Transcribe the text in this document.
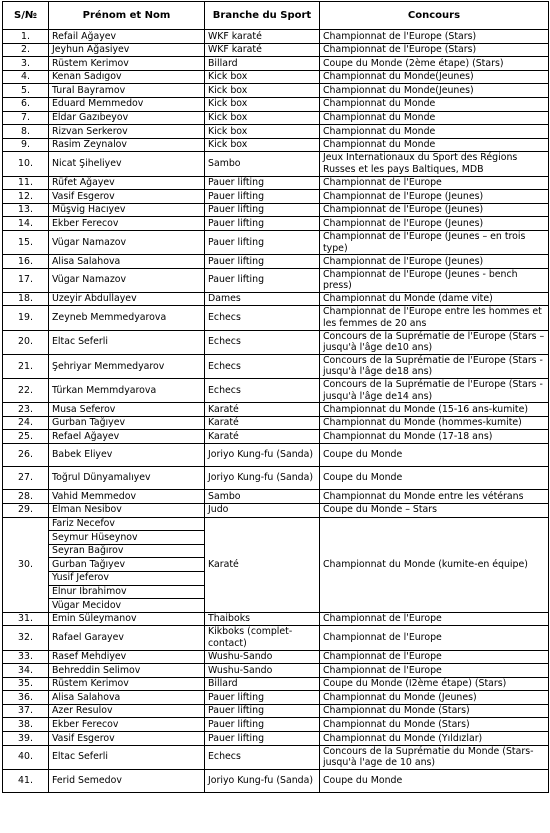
S/№	Prénom et Nom	Branche du Sport	Concours
1.	Refail Ağayev	WKF karaté	Championnat de l'Europe (Stars)
2.	Jeyhun Ağasiyev	WKF karaté	Championnat de l'Europe (Stars)
3.	Rüstem Kerimov	Billard	Coupe du Monde (2ème étape) (Stars)
4.	Kenan Sadıgov	Kick box	Championnat du Monde(Jeunes)
5.	Tural Bayramov	Kick box	Championnat du Monde(Jeunes)
6.	Eduard Memmedov	Kick box	Championnat du Monde
7.	Eldar Gazıbeyov	Kick box	Championnat du Monde
8.	Rizvan Serkerov	Kick box	Championnat du Monde
9.	Rasim Zeynalov	Kick box	Championnat du Monde
10.	Nicat Şiheliyev	Sambo	Jeux Internationaux du Sport des Régions Russes et les pays Baltiques, MDB
11.	Rüfet Ağayev	Pauer lifting	Championnat de l'Europe
12.	Vasif Esgerov	Pauer lifting	Championnat de l'Europe (Jeunes)
13.	Müşvig Hacıyev	Pauer lifting	Championnat de l'Europe (Jeunes)
14.	Ekber Ferecov	Pauer lifting	Championnat de l'Europe (Jeunes)
15.	Vügar Namazov	Pauer lifting	Championnat de l'Europe (Jeunes – en trois type)
16.	Alisa Salahova	Pauer lifting	Championnat de l'Europe (Jeunes)
17.	Vügar Namazov	Pauer lifting	Championnat de l'Europe (Jeunes - bench press)
18.	Üzeyir Abdullayev	Dames	Championnat du Monde (dame vite)
19.	Zeyneb Memmedyarova	Echecs	Championnat de l'Europe entre les hommes et les femmes de 20 ans
20.	Eltac Seferli	Echecs	Concours de la Suprématie de l'Europe (Stars – jusqu'à l'âge de10 ans)
21.	Şehriyar Memmedyarov	Echecs	Concours de la Suprématie de l'Europe (Stars - jusqu'à l'âge de18 ans)
22.	Türkan Memmdyarova	Echecs	Concours de la Suprématie de l'Europe (Stars - jusqu'à l'âge de14 ans)
23.	Musa Seferov	Karaté	Championnat du Monde (15-16 ans-kumite)
24.	Gurban Tağıyev	Karaté	Championnat du Monde (hommes-kumite)
25.	Refael Ağayev	Karaté	Championnat du Monde (17-18 ans)
26.	Babek Eliyev	Joriyo Kung-fu (Sanda)	Coupe du Monde
27.	Toğrul Dünyamalıyev	Joriyo Kung-fu (Sanda)	Coupe du Monde
28.	Vahid Memmedov	Sambo	Championnat du Monde entre les vétérans
29.	Elman Nesibov	Judo	Coupe du Monde – Stars
30.	Fariz Necefov	Karaté	Championnat du Monde (kumite-en équipe)
	Seymur Hüseynov		
	Seyran Bağırov		
	Gurban Tağıyev		
	Yusif Jeferov		
	Elnur İbrahimov		
	Vügar Mecidov		
31.	Emin Süleymanov	Thaiboks	Championnat de l'Europe
32.	Rafael Garayev	Kikboks (complet-contact)	Championnat de l'Europe
33.	Rasef Mehdiyev	Wushu-Sando	Championnat de l'Europe
34.	Behreddin Selimov	Wushu-Sando	Championnat de l'Europe
35.	Rüstem Kerimov	Billard	Coupe du Monde (I2ème étape) (Stars)
36.	Alisa Salahova	Pauer lifting	Championnat du Monde (Jeunes)
37.	Azer Resulov	Pauer lifting	Championnat du Monde (Stars)
38.	Ekber Ferecov	Pauer lifting	Championnat du Monde (Stars)
39.	Vasif Esgerov	Pauer lifting	Championnat du Monde (Yıldızlar)
40.	Eltac Seferli	Echecs	Concours de la Suprématie du Monde (Stars-jusqu'à l'age de 10 ans)
41.	Ferid Semedov	Joriyo Kung-fu (Sanda)	Coupe du Monde
